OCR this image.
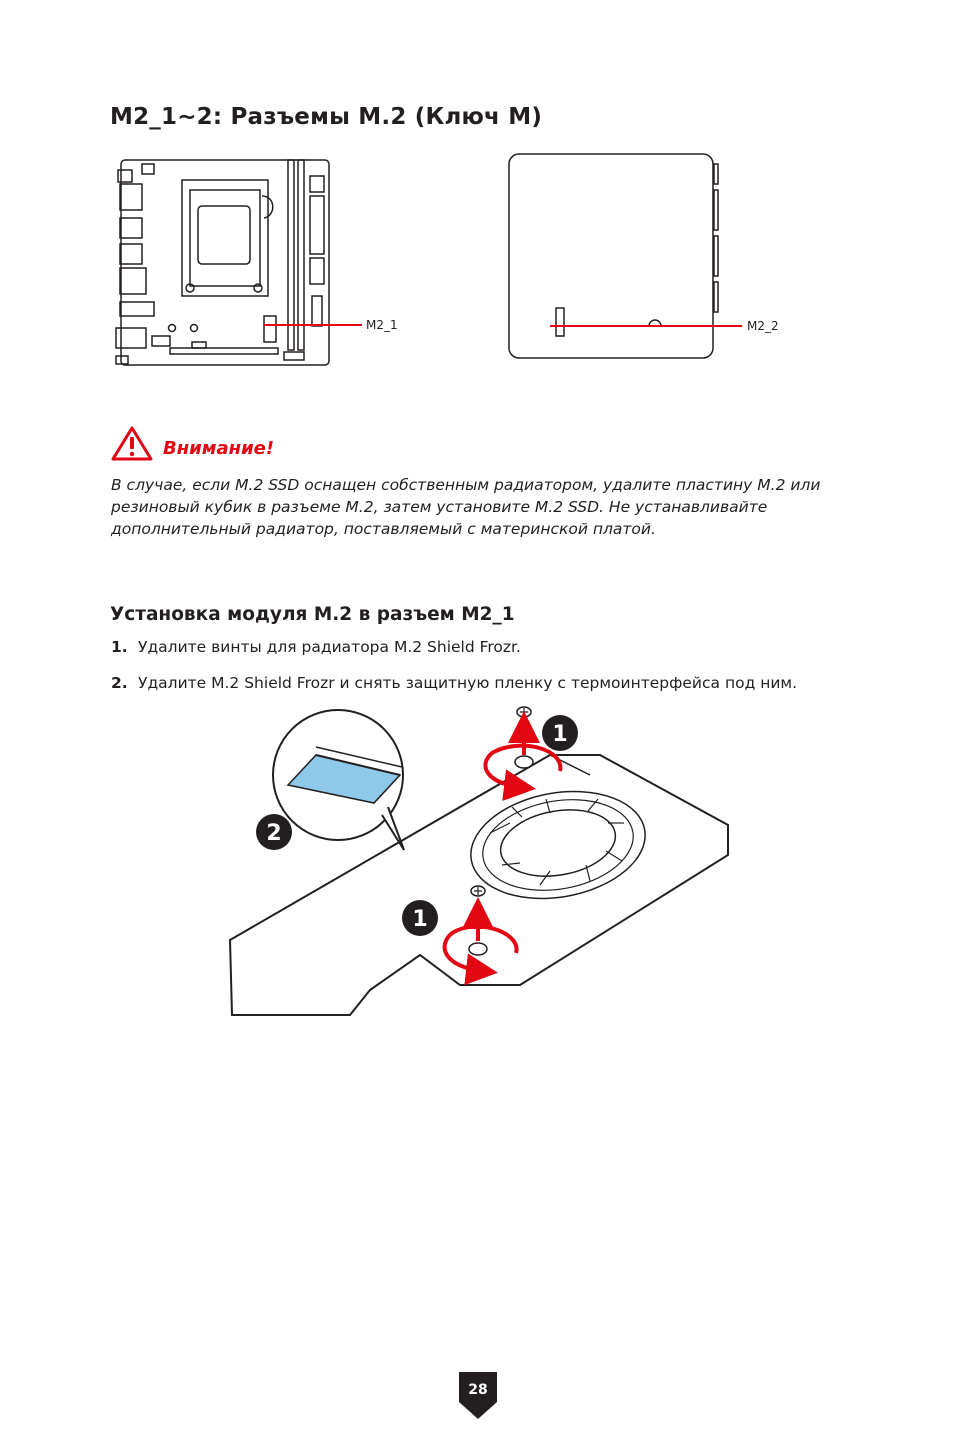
M2_1~2: Разъемы M.2 (Ключ M)
M2_1	M2_2
Внимание!
В случае, если M.2 SSD оснащен собственным радиатором, удалите пластину M.2 или резиновый кубик в разъеме M.2, затем установите M.2 SSD. Не устанавливайте дополнительный радиатор, поставляемый с материнской платой.
Установка модуля M.2 в разъем M2_1
1. Удалите винты для радиатора M.2 Shield Frozr.
2. Удалите M.2 Shield Frozr и снять защитную пленку с термоинтерфейса под ним.
1
1
2
28
